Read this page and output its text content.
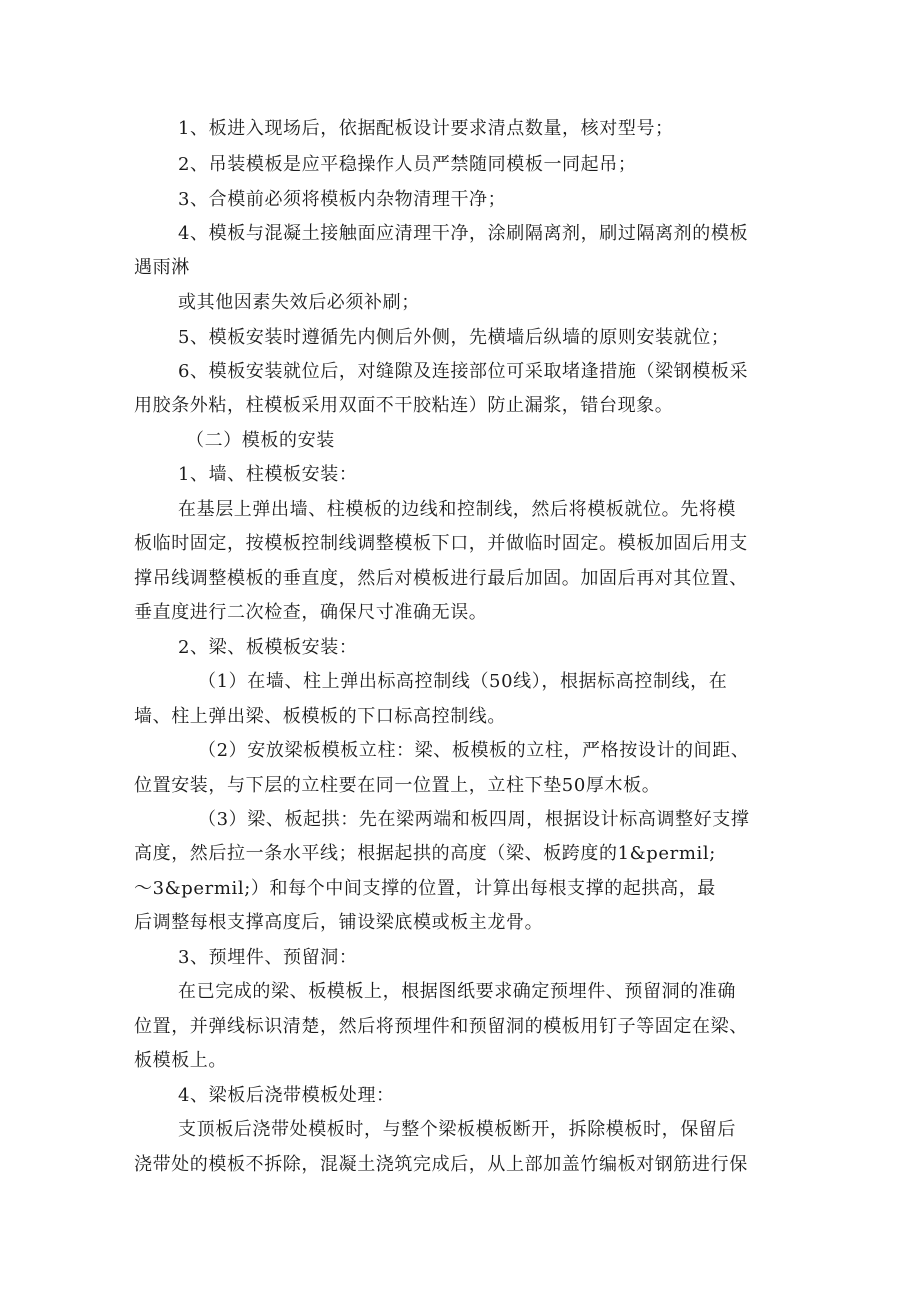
1、板进入现场后，依据配板设计要求清点数量，核对型号；
2、吊装模板是应平稳操作人员严禁随同模板一同起吊；
3、合模前必须将模板内杂物清理干净；
4、模板与混凝土接触面应清理干净，涂刷隔离剂，刷过隔离剂的模板
遇雨淋
或其他因素失效后必须补刷；
5、模板安装时遵循先内侧后外侧，先横墙后纵墙的原则安装就位；
6、模板安装就位后，对缝隙及连接部位可采取堵逢措施（梁钢模板采
用胶条外粘，柱模板采用双面不干胶粘连）防止漏浆，错台现象。
（二）模板的安装
1、墙、柱模板安装：
在基层上弹出墙、柱模板的边线和控制线，然后将模板就位。先将模
板临时固定，按模板控制线调整模板下口，并做临时固定。模板加固后用支
撑吊线调整模板的垂直度，然后对模板进行最后加固。加固后再对其位置、
垂直度进行二次检查，确保尺寸准确无误。
2、梁、板模板安装：
（1）在墙、柱上弹出标高控制线（50线），根据标高控制线，在
墙、柱上弹出梁、板模板的下口标高控制线。
（2）安放梁板模板立柱：梁、板模板的立柱，严格按设计的间距、
位置安装，与下层的立柱要在同一位置上，立柱下垫50厚木板。
（3）梁、板起拱：先在梁两端和板四周，根据设计标高调整好支撑
高度，然后拉一条水平线；根据起拱的高度（梁、板跨度的1&permil;
～3&permil;）和每个中间支撑的位置，计算出每根支撑的起拱高，最
后调整每根支撑高度后，铺设梁底模或板主龙骨。
3、预埋件、预留洞：
在已完成的梁、板模板上，根据图纸要求确定预埋件、预留洞的准确
位置，并弹线标识清楚，然后将预埋件和预留洞的模板用钉子等固定在梁、
板模板上。
4、梁板后浇带模板处理：
支顶板后浇带处模板时，与整个梁板模板断开，拆除模板时，保留后
浇带处的模板不拆除，混凝土浇筑完成后，从上部加盖竹编板对钢筋进行保
